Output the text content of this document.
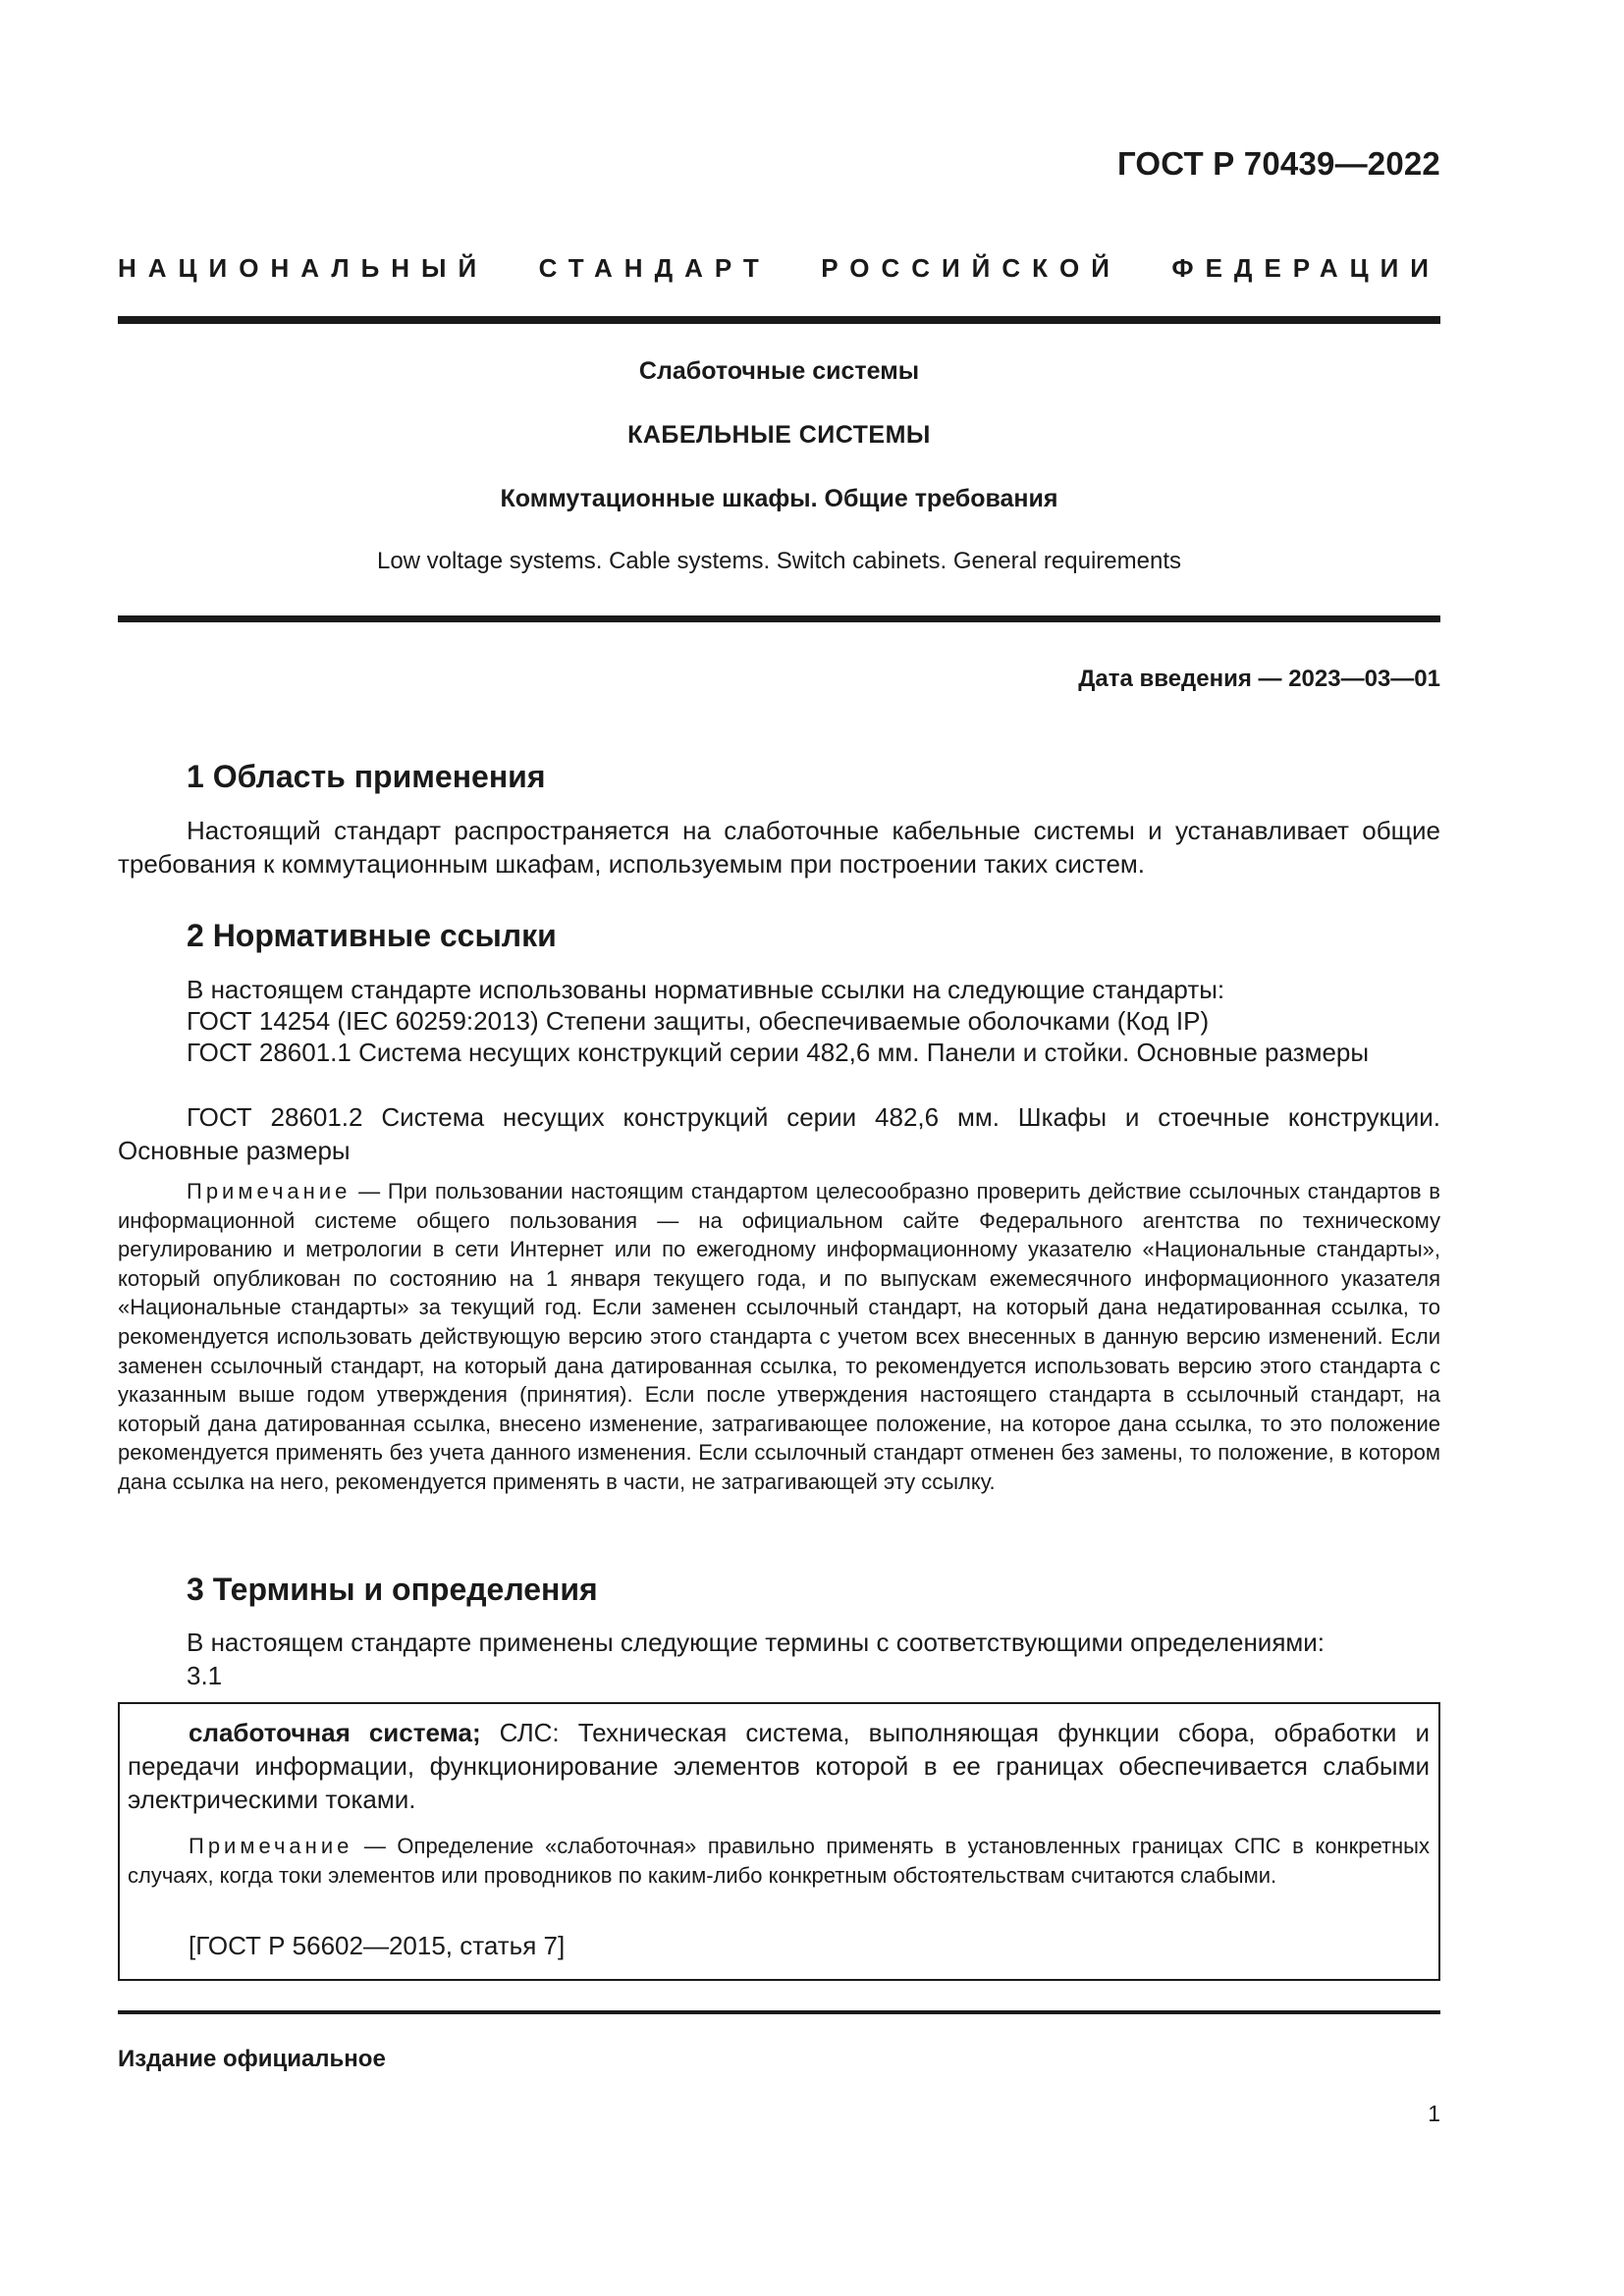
ГОСТ Р 70439—2022
НАЦИОНАЛЬНЫЙ СТАНДАРТ РОССИЙСКОЙ ФЕДЕРАЦИИ
Слаботочные системы
КАБЕЛЬНЫЕ СИСТЕМЫ
Коммутационные шкафы. Общие требования
Low voltage systems. Cable systems. Switch cabinets. General requirements
Дата введения — 2023—03—01
1 Область применения
Настоящий стандарт распространяется на слаботочные кабельные системы и устанавливает общие требования к коммутационным шкафам, используемым при построении таких систем.
2 Нормативные ссылки
В настоящем стандарте использованы нормативные ссылки на следующие стандарты:
ГОСТ 14254 (IEC 60259:2013) Степени защиты, обеспечиваемые оболочками (Код IP)
ГОСТ 28601.1 Система несущих конструкций серии 482,6 мм. Панели и стойки. Основные размеры
ГОСТ 28601.2 Система несущих конструкций серии 482,6 мм. Шкафы и стоечные конструкции. Основные размеры
Примечание — При пользовании настоящим стандартом целесообразно проверить действие ссылочных стандартов в информационной системе общего пользования — на официальном сайте Федерального агентства по техническому регулированию и метрологии в сети Интернет или по ежегодному информационному указателю «Национальные стандарты», который опубликован по состоянию на 1 января текущего года, и по выпускам ежемесячного информационного указателя «Национальные стандарты» за текущий год. Если заменен ссылочный стандарт, на который дана недатированная ссылка, то рекомендуется использовать действующую версию этого стандарта с учетом всех внесенных в данную версию изменений. Если заменен ссылочный стандарт, на который дана датированная ссылка, то рекомендуется использовать версию этого стандарта с указанным выше годом утверждения (принятия). Если после утверждения настоящего стандарта в ссылочный стандарт, на который дана датированная ссылка, внесено изменение, затрагивающее положение, на которое дана ссылка, то это положение рекомендуется применять без учета данного изменения. Если ссылочный стандарт отменен без замены, то положение, в котором дана ссылка на него, рекомендуется применять в части, не затрагивающей эту ссылку.
3 Термины и определения
В настоящем стандарте применены следующие термины с соответствующими определениями:
3.1
слаботочная система; СЛС: Техническая система, выполняющая функции сбора, обработки и передачи информации, функционирование элементов которой в ее границах обеспечивается слабыми электрическими токами.
Примечание — Определение «слаботочная» правильно применять в установленных границах СПС в конкретных случаях, когда токи элементов или проводников по каким-либо конкретным обстоятельствам считаются слабыми.
[ГОСТ Р 56602—2015, статья 7]
Издание официальное
1
